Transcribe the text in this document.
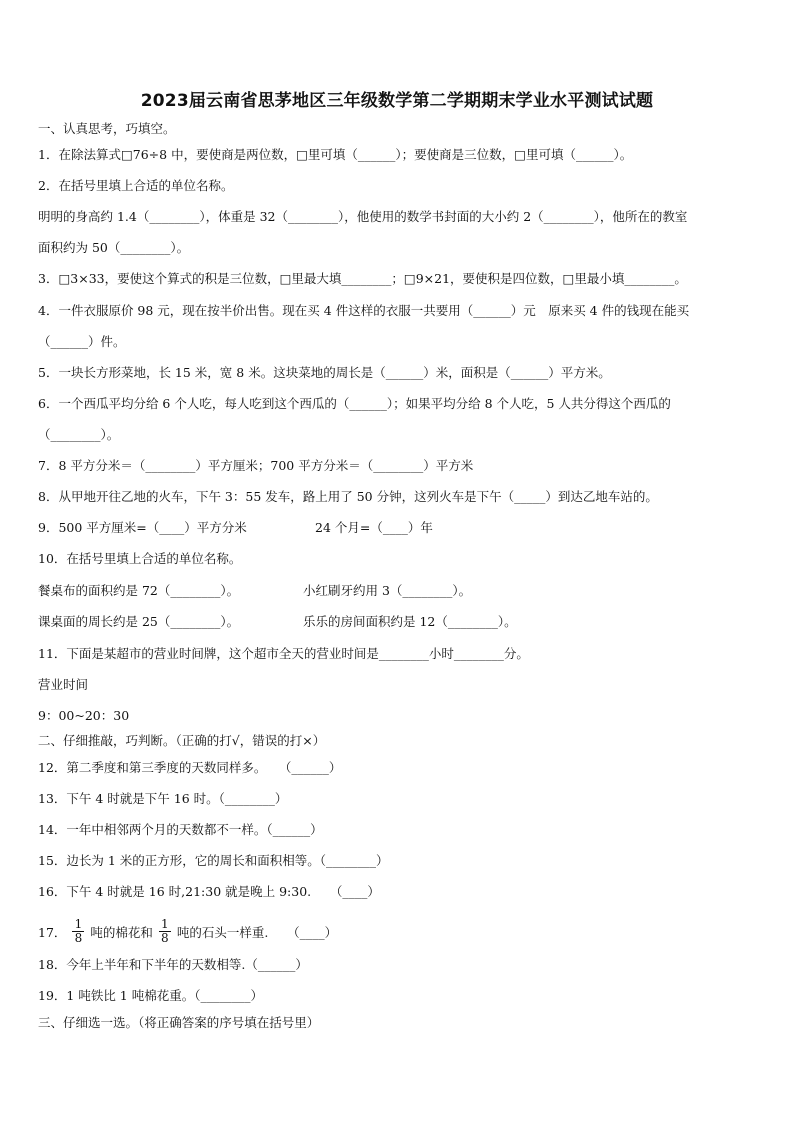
2023届云南省思茅地区三年级数学第二学期期末学业水平测试试题
一、认真思考，巧填空。
1．在除法算式□76÷8 中，要使商是两位数，□里可填（______）；要使商是三位数，□里可填（______）。
2．在括号里填上合适的单位名称。
明明的身高约 1.4（________），体重是 32（________），他使用的数学书封面的大小约 2（________），他所在的教室
面积约为 50（________）。
3．□3×33，要使这个算式的积是三位数，□里最大填________；□9×21，要使积是四位数，□里最小填________。
4．一件衣服原价 98 元，现在按半价出售。现在买 4 件这样的衣服一共要用（______）元　原来买 4 件的钱现在能买
（______）件。
5．一块长方形菜地，长 15 米，宽 8 米。这块菜地的周长是（______）米，面积是（______）平方米。
6．一个西瓜平均分给 6 个人吃，每人吃到这个西瓜的（______）；如果平均分给 8 个人吃，5 人共分得这个西瓜的
（________）。
7．8 平方分米＝（________）平方厘米；700 平方分米＝（________）平方米
8．从甲地开往乙地的火车，下午 3：55 发车，路上用了 50 分钟，这列火车是下午（_____）到达乙地车站的。
9．500 平方厘米=（____）平方分米	24 个月=（____）年
10．在括号里填上合适的单位名称。
餐桌布的面积约是 72（________）。	小红刷牙约用 3（________）。
课桌面的周长约是 25（________）。	乐乐的房间面积约是 12（________）。
11．下面是某超市的营业时间牌，这个超市全天的营业时间是________小时________分。
营业时间
9：00~20：30
二、仔细推敲，巧判断。（正确的打√，错误的打×）
12．第二季度和第三季度的天数同样多。　　（______）
13．下午 4 时就是下午 16 时。（________）
14．一年中相邻两个月的天数都不一样。（______）
15．边长为 1 米的正方形，它的周长和面积相等。（________）
16．下午 4 时就是 16 时,21:30 就是晚上 9:30.　　（____）
17． $\frac{1}{8}$ 吨的棉花和 $\frac{1}{8}$ 吨的石头一样重.　　（____）
18．今年上半年和下半年的天数相等.（______）
19．1 吨铁比 1 吨棉花重。（________）
三、仔细选一选。（将正确答案的序号填在括号里）
